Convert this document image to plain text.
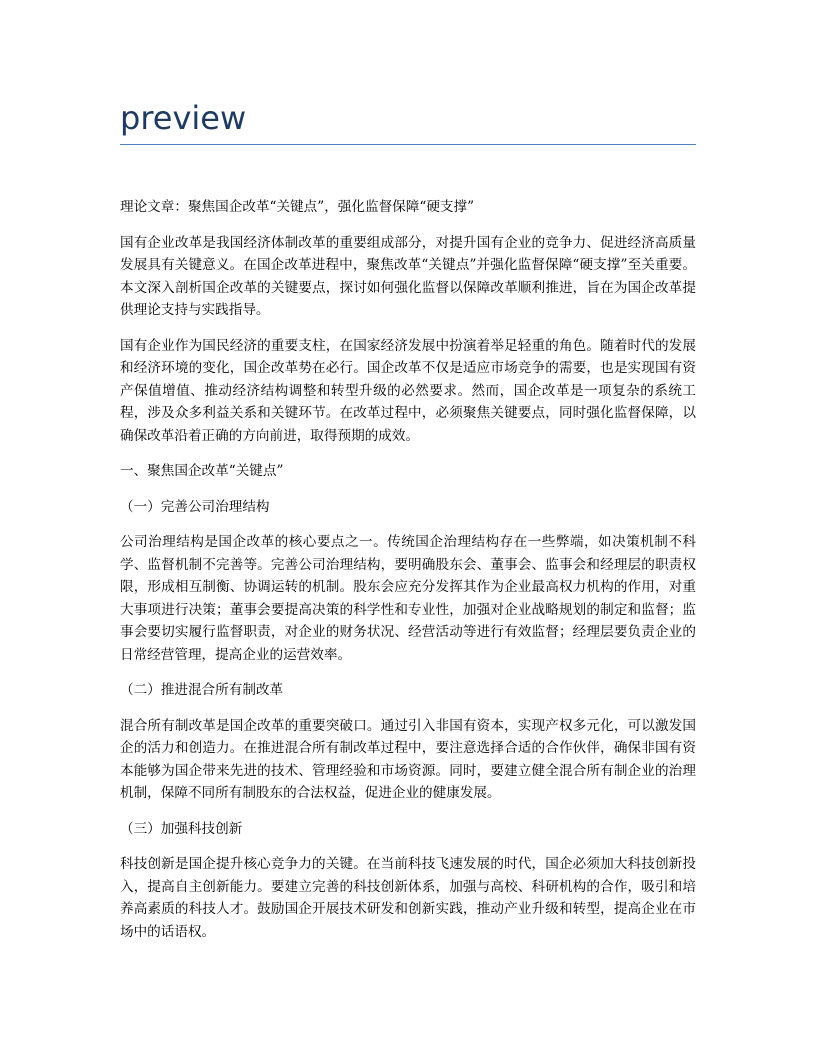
preview

理论文章：聚焦国企改革“关键点”，强化监督保障“硬支撑”

国有企业改革是我国经济体制改革的重要组成部分，对提升国有企业的竞争力、促进经济高质量发展具有关键意义。在国企改革进程中，聚焦改革“关键点”并强化监督保障“硬支撑”至关重要。本文深入剖析国企改革的关键要点，探讨如何强化监督以保障改革顺利推进，旨在为国企改革提供理论支持与实践指导。

国有企业作为国民经济的重要支柱，在国家经济发展中扮演着举足轻重的角色。随着时代的发展和经济环境的变化，国企改革势在必行。国企改革不仅是适应市场竞争的需要，也是实现国有资产保值增值、推动经济结构调整和转型升级的必然要求。然而，国企改革是一项复杂的系统工程，涉及众多利益关系和关键环节。在改革过程中，必须聚焦关键要点，同时强化监督保障，以确保改革沿着正确的方向前进，取得预期的成效。

一、聚焦国企改革“关键点”

（一）完善公司治理结构

公司治理结构是国企改革的核心要点之一。传统国企治理结构存在一些弊端，如决策机制不科学、监督机制不完善等。完善公司治理结构，要明确股东会、董事会、监事会和经理层的职责权限，形成相互制衡、协调运转的机制。股东会应充分发挥其作为企业最高权力机构的作用，对重大事项进行决策；董事会要提高决策的科学性和专业性，加强对企业战略规划的制定和监督；监事会要切实履行监督职责，对企业的财务状况、经营活动等进行有效监督；经理层要负责企业的日常经营管理，提高企业的运营效率。

（二）推进混合所有制改革

混合所有制改革是国企改革的重要突破口。通过引入非国有资本，实现产权多元化，可以激发国企的活力和创造力。在推进混合所有制改革过程中，要注意选择合适的合作伙伴，确保非国有资本能够为国企带来先进的技术、管理经验和市场资源。同时，要建立健全混合所有制企业的治理机制，保障不同所有制股东的合法权益，促进企业的健康发展。

（三）加强科技创新

科技创新是国企提升核心竞争力的关键。在当前科技飞速发展的时代，国企必须加大科技创新投入，提高自主创新能力。要建立完善的科技创新体系，加强与高校、科研机构的合作，吸引和培养高素质的科技人才。鼓励国企开展技术研发和创新实践，推动产业升级和转型，提高企业在市场中的话语权。
